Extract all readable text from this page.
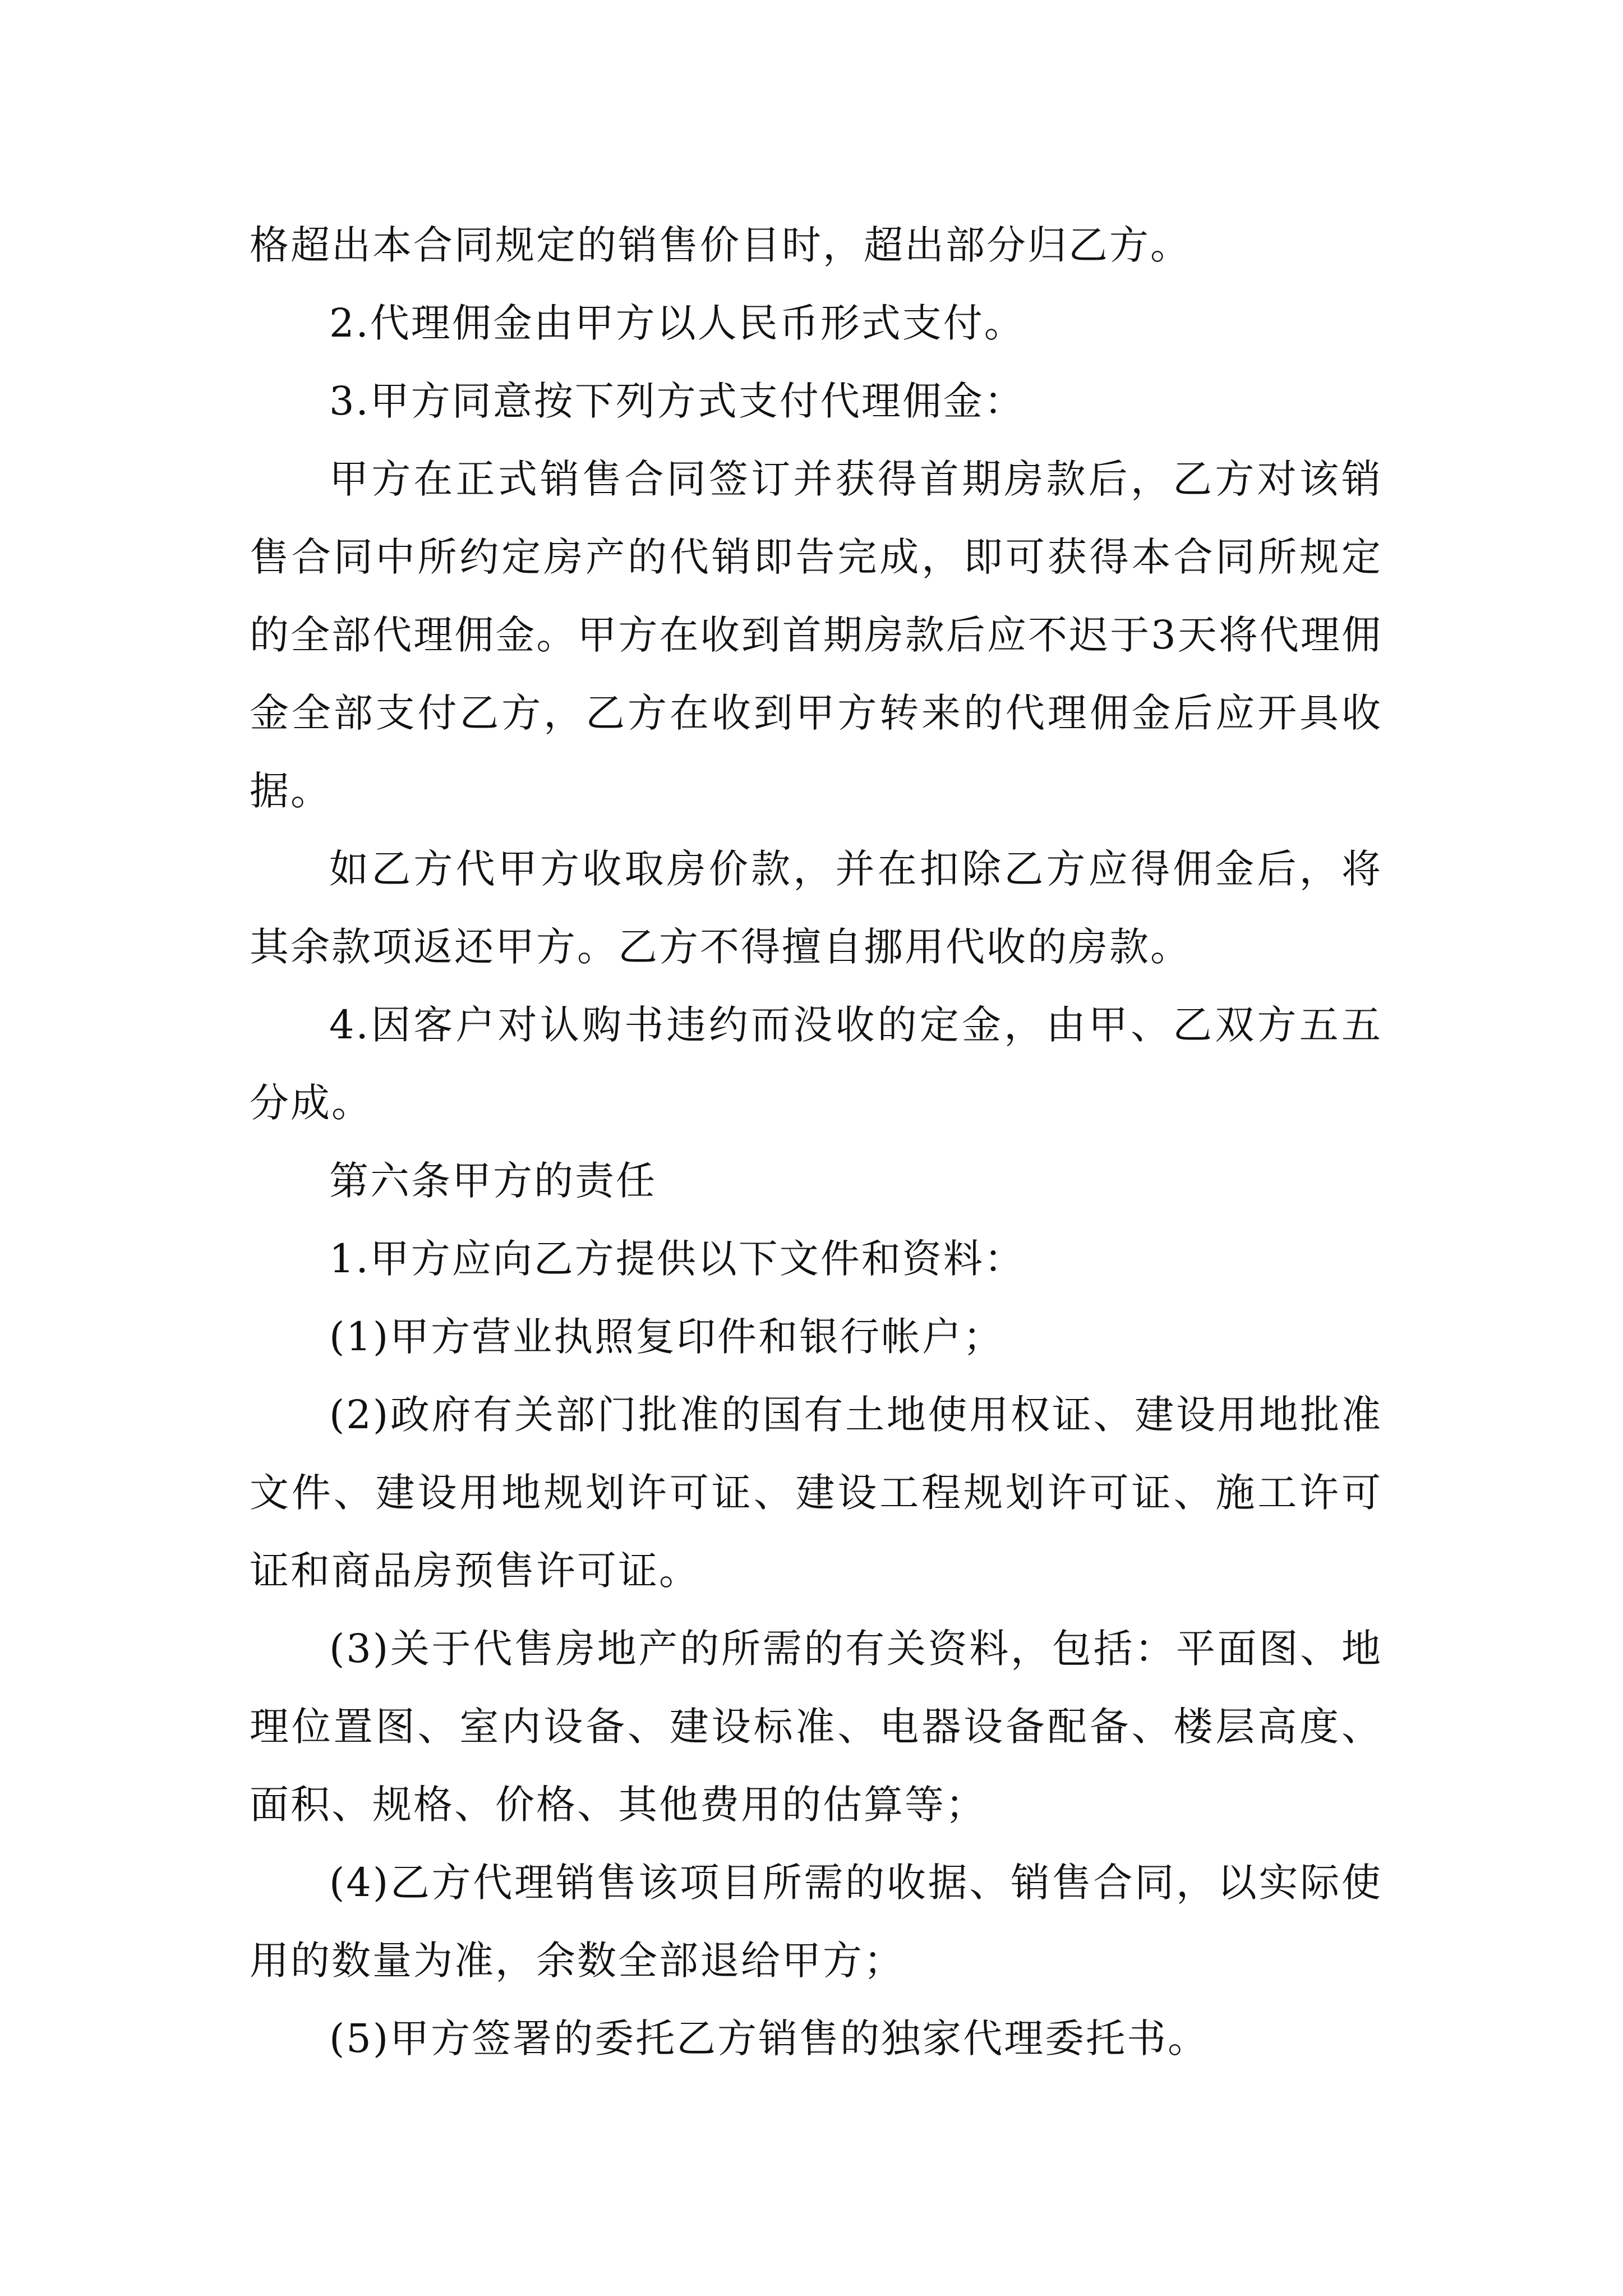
格超出本合同规定的销售价目时，超出部分归乙方。

2.代理佣金由甲方以人民币形式支付。

3.甲方同意按下列方式支付代理佣金：

甲方在正式销售合同签订并获得首期房款后，乙方对该销售合同中所约定房产的代销即告完成，即可获得本合同所规定的全部代理佣金。甲方在收到首期房款后应不迟于3天将代理佣金全部支付乙方，乙方在收到甲方转来的代理佣金后应开具收据。

如乙方代甲方收取房价款，并在扣除乙方应得佣金后，将其余款项返还甲方。乙方不得擅自挪用代收的房款。

4.因客户对认购书违约而没收的定金，由甲、乙双方五五分成。

第六条甲方的责任

1.甲方应向乙方提供以下文件和资料：

(1)甲方营业执照复印件和银行帐户；

(2)政府有关部门批准的国有土地使用权证、建设用地批准文件、建设用地规划许可证、建设工程规划许可证、施工许可证和商品房预售许可证。

(3)关于代售房地产的所需的有关资料，包括：平面图、地理位置图、室内设备、建设标准、电器设备配备、楼层高度、面积、规格、价格、其他费用的估算等；

(4)乙方代理销售该项目所需的收据、销售合同，以实际使用的数量为准，余数全部退给甲方；

(5)甲方签署的委托乙方销售的独家代理委托书。
